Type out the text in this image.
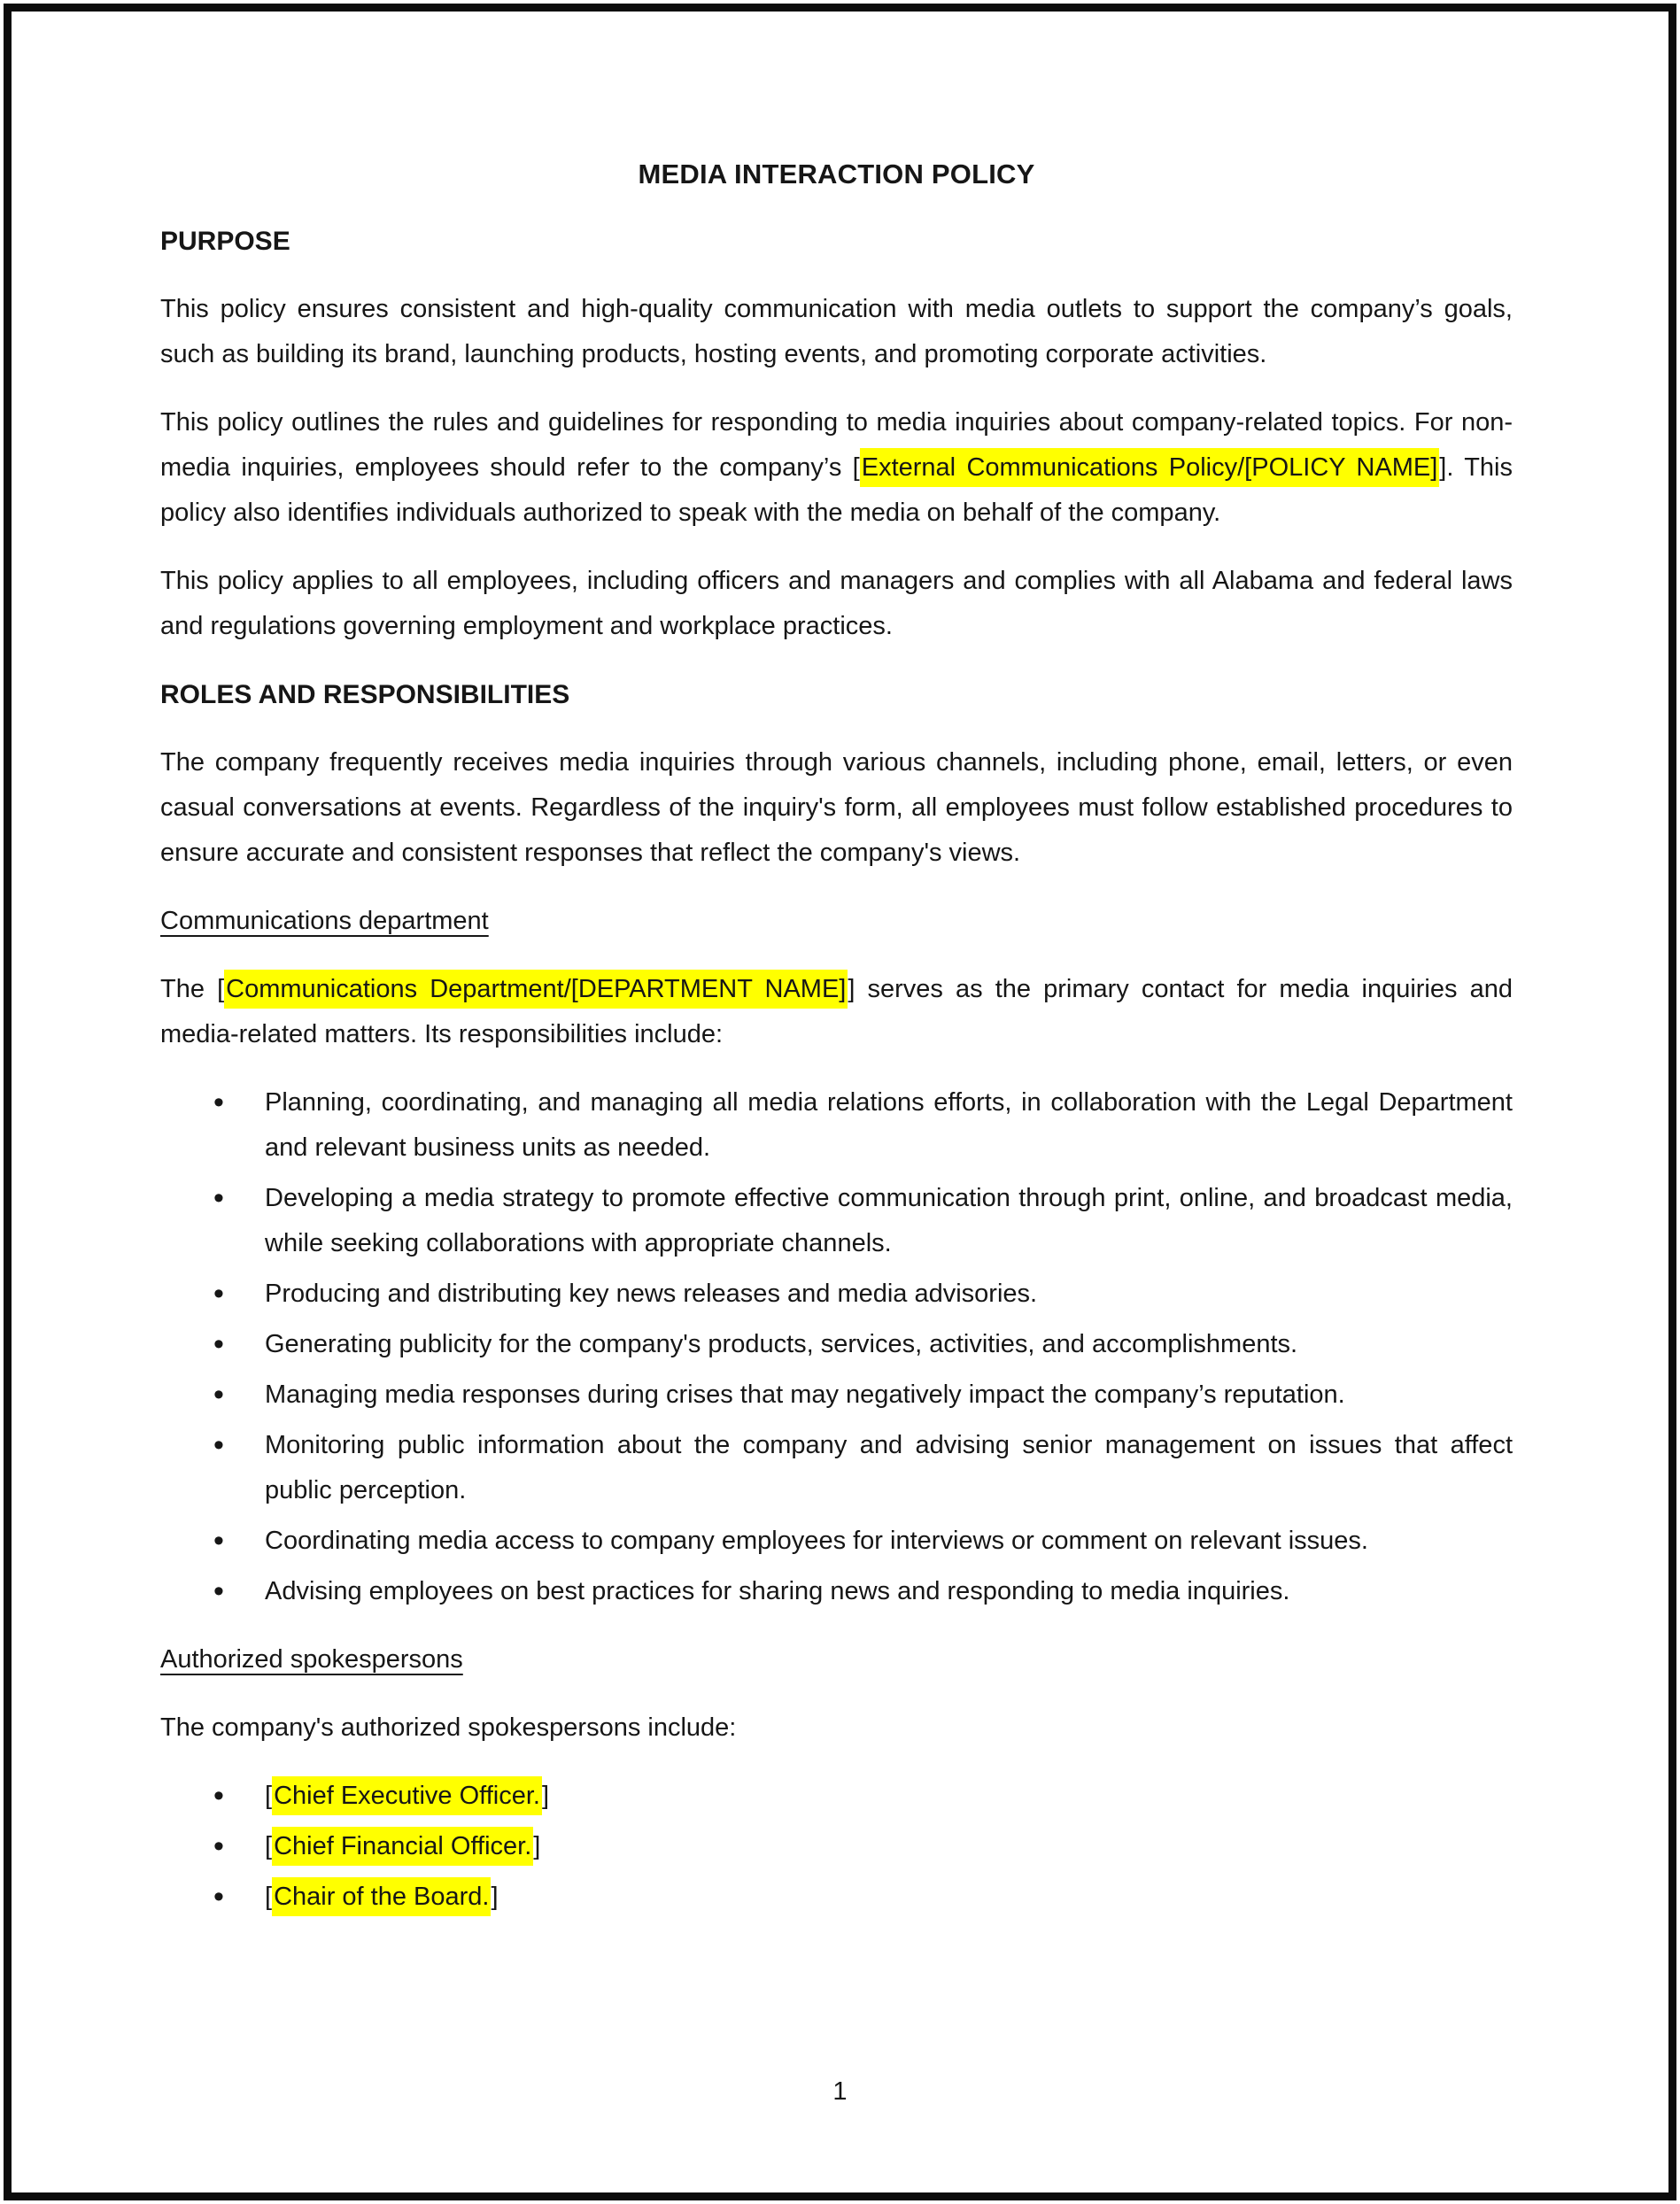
MEDIA INTERACTION POLICY
PURPOSE

This policy ensures consistent and high-quality communication with media outlets to support the company’s goals, such as building its brand, launching products, hosting events, and promoting corporate activities.

This policy outlines the rules and guidelines for responding to media inquiries about company-related topics. For non-media inquiries, employees should refer to the company’s [External Communications Policy/[POLICY NAME]]. This policy also identifies individuals authorized to speak with the media on behalf of the company.

This policy applies to all employees, including officers and managers and complies with all Alabama and federal laws and regulations governing employment and workplace practices.

ROLES AND RESPONSIBILITIES

The company frequently receives media inquiries through various channels, including phone, email, letters, or even casual conversations at events. Regardless of the inquiry's form, all employees must follow established procedures to ensure accurate and consistent responses that reflect the company's views.

Communications department

The [Communications Department/[DEPARTMENT NAME]] serves as the primary contact for media inquiries and media-related matters. Its responsibilities include:

• Planning, coordinating, and managing all media relations efforts, in collaboration with the Legal Department and relevant business units as needed.
• Developing a media strategy to promote effective communication through print, online, and broadcast media, while seeking collaborations with appropriate channels.
• Producing and distributing key news releases and media advisories.
• Generating publicity for the company's products, services, activities, and accomplishments.
• Managing media responses during crises that may negatively impact the company’s reputation.
• Monitoring public information about the company and advising senior management on issues that affect public perception.
• Coordinating media access to company employees for interviews or comment on relevant issues.
• Advising employees on best practices for sharing news and responding to media inquiries.
Authorized spokespersons

The company's authorized spokespersons include:

• [Chief Executive Officer.]
• [Chief Financial Officer.]
• [Chair of the Board.]
1
